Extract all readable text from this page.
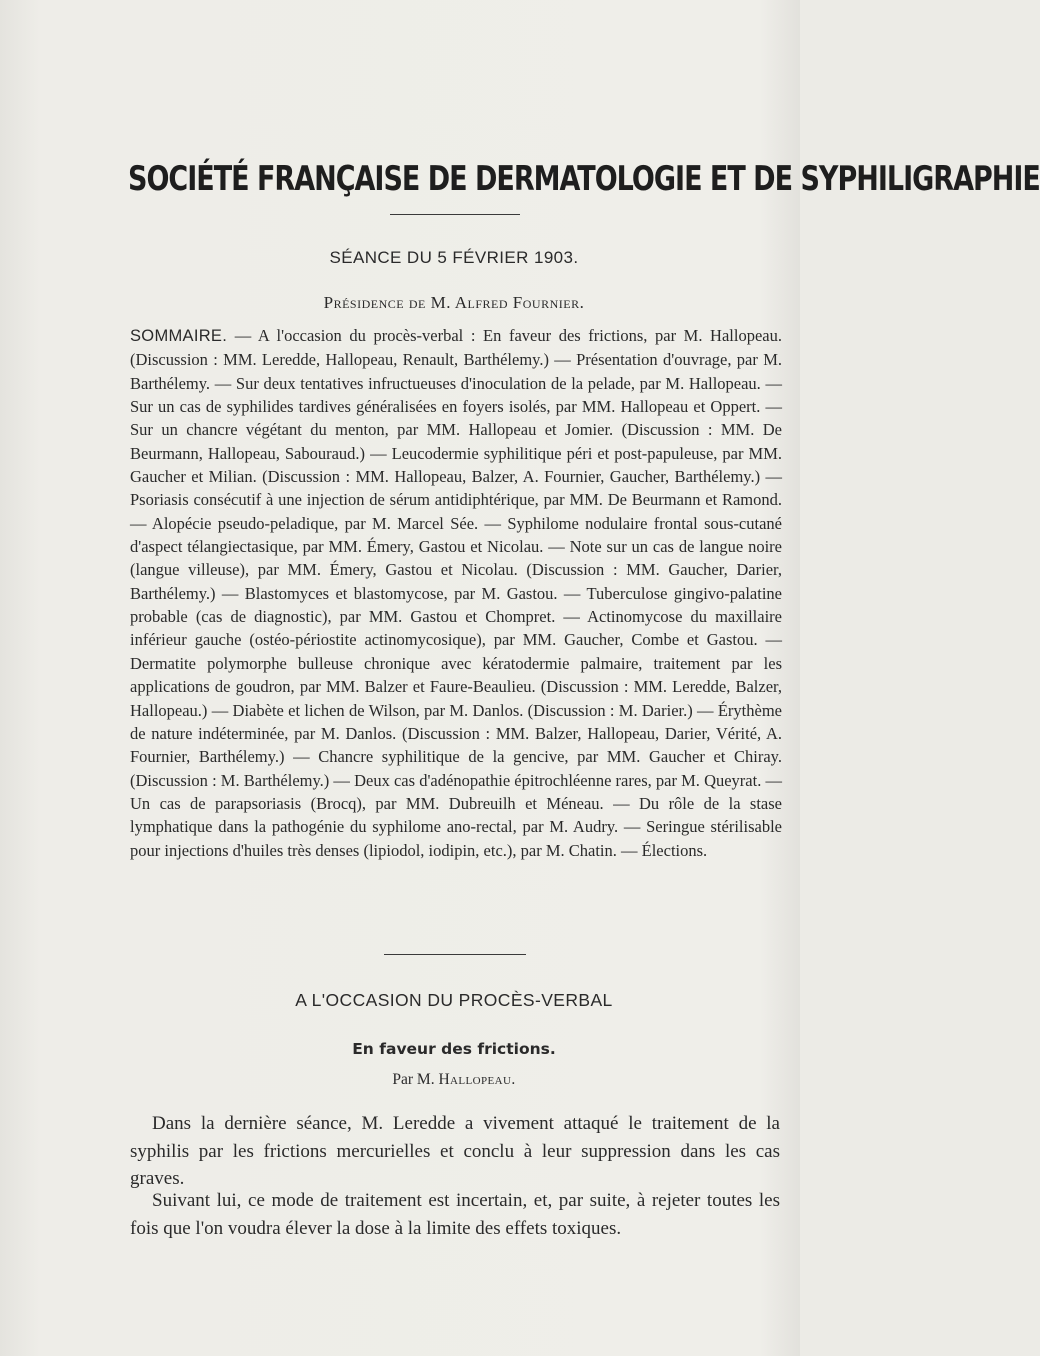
SOCIÉTÉ FRANÇAISE DE DERMATOLOGIE ET DE SYPHILIGRAPHIE
SÉANCE DU 5 FÉVRIER 1903.
Présidence de M. Alfred Fournier.
SOMMAIRE. — A l'occasion du procès-verbal : En faveur des frictions, par M. Hallopeau. (Discussion : MM. Leredde, Hallopeau, Renault, Barthélemy.) — Présentation d'ouvrage, par M. Barthélemy. — Sur deux tentatives infructueuses d'inoculation de la pelade, par M. Hallopeau. — Sur un cas de syphilides tardives généralisées en foyers isolés, par MM. Hallopeau et Oppert. — Sur un chancre végétant du menton, par MM. Hallopeau et Jomier. (Discussion : MM. De Beurmann, Hallopeau, Sabouraud.) — Leucodermie syphilitique péri et post-papuleuse, par MM. Gaucher et Milian. (Discussion : MM. Hallopeau, Balzer, A. Fournier, Gaucher, Barthélemy.) — Psoriasis consécutif à une injection de sérum antidiphtérique, par MM. De Beurmann et Ramond. — Alopécie pseudo-peladique, par M. Marcel Sée. — Syphilome nodulaire frontal sous-cutané d'aspect télangiectasique, par MM. Émery, Gastou et Nicolau. — Note sur un cas de langue noire (langue villeuse), par MM. Émery, Gastou et Nicolau. (Discussion : MM. Gaucher, Darier, Barthélemy.) — Blastomyces et blastomycose, par M. Gastou. — Tuberculose gingivo-palatine probable (cas de diagnostic), par MM. Gastou et Chompret. — Actinomycose du maxillaire inférieur gauche (ostéo-périostite actinomycosique), par MM. Gaucher, Combe et Gastou. — Dermatite polymorphe bulleuse chronique avec kératodermie palmaire, traitement par les applications de goudron, par MM. Balzer et Faure-Beaulieu. (Discussion : MM. Leredde, Balzer, Hallopeau.) — Diabète et lichen de Wilson, par M. Danlos. (Discussion : M. Darier.) — Érythème de nature indéterminée, par M. Danlos. (Discussion : MM. Balzer, Hallopeau, Darier, Vérité, A. Fournier, Barthélemy.) — Chancre syphilitique de la gencive, par MM. Gaucher et Chiray. (Discussion : M. Barthélemy.) — Deux cas d'adénopathie épitrochléenne rares, par M. Queyrat. — Un cas de parapsoriasis (Brocq), par MM. Dubreuilh et Méneau. — Du rôle de la stase lymphatique dans la pathogénie du syphilome ano-rectal, par M. Audry. — Seringue stérilisable pour injections d'huiles très denses (lipiodol, iodipin, etc.), par M. Chatin. — Élections.
A L'OCCASION DU PROCÈS-VERBAL
En faveur des frictions.
Par M. Hallopeau.
Dans la dernière séance, M. Leredde a vivement attaqué le traitement de la syphilis par les frictions mercurielles et conclu à leur suppression dans les cas graves.
Suivant lui, ce mode de traitement est incertain, et, par suite, à rejeter toutes les fois que l'on voudra élever la dose à la limite des effets toxiques.
